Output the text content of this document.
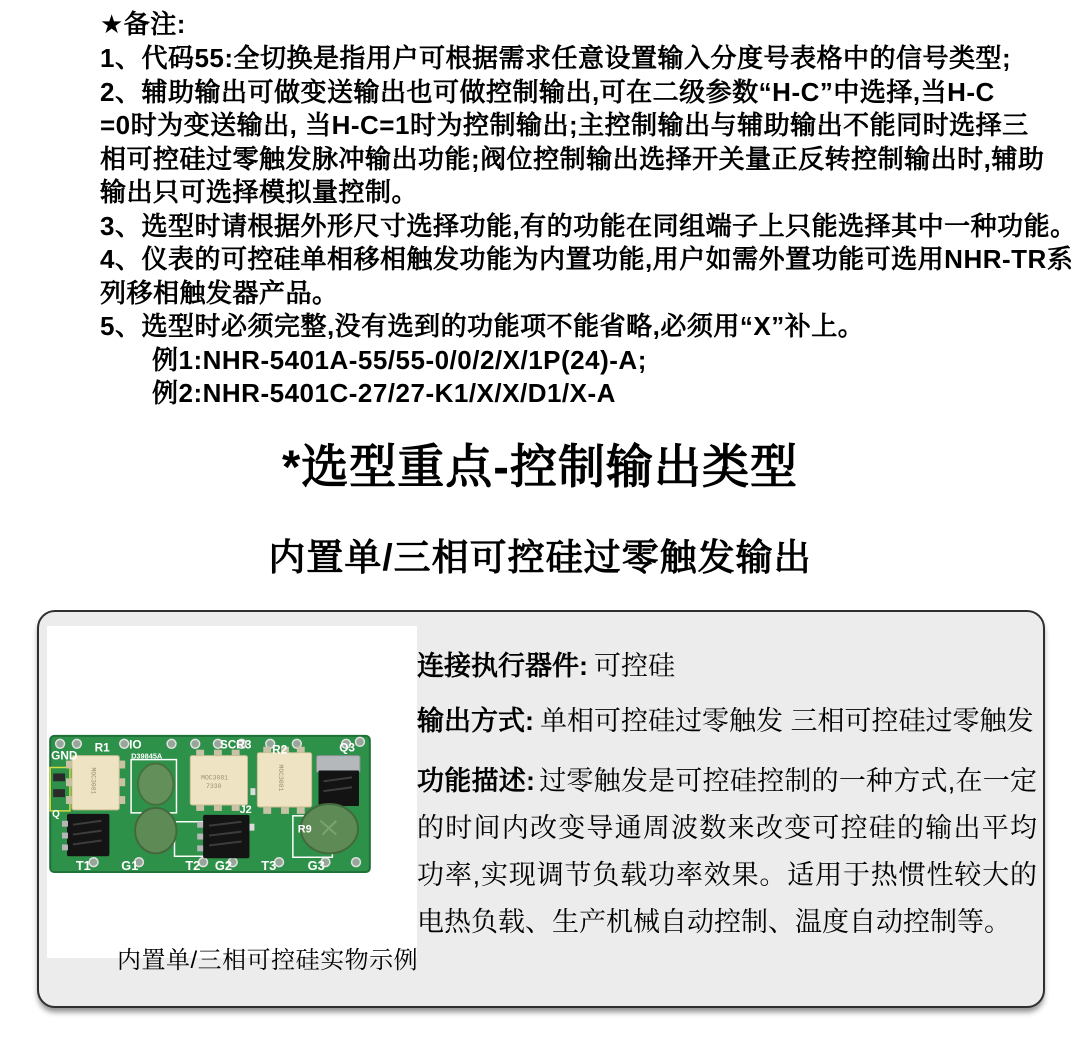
★备注:
1、代码55:全切换是指用户可根据需求任意设置输入分度号表格中的信号类型;
2、辅助输出可做变送输出也可做控制输出,可在二级参数“H-C”中选择,当H-C
=0时为变送输出, 当H-C=1时为控制输出;主控制输出与辅助输出不能同时选择三
相可控硅过零触发脉冲输出功能;阀位控制输出选择开关量正反转控制输出时,辅助
输出只可选择模拟量控制。
3、选型时请根据外形尺寸选择功能,有的功能在同组端子上只能选择其中一种功能。
4、仪表的可控硅单相移相触发功能为内置功能,用户如需外置功能可选用NHR-TR系
列移相触发器产品。
5、选型时必须完整,没有选到的功能项不能省略,必须用“X”补上。
例1:NHR-5401A-55/55-0/0/2/X/1P(24)-A;
例2:NHR-5401C-27/27-K1/X/X/D1/X-A
*选型重点-控制输出类型
内置单/三相可控硅过零触发输出
MOC3081	MOC3081
7330	MOC3081
GND
R1 IO
D39845A
SCR3 R2	Q3
J2
R9
Q
T1 G1	T2 G2 T3 G3
内置单/三相可控硅实物示例

连接执行器件: 可控硅

输出方式: 单相可控硅过零触发 三相可控硅过零触发

功能描述: 过零触发是可控硅控制的一种方式,在一定的时间内改变导通周波数来改变可控硅的输出平均功率,实现调节负载功率效果。适用于热惯性较大的电热负载、生产机械自动控制、温度自动控制等。
